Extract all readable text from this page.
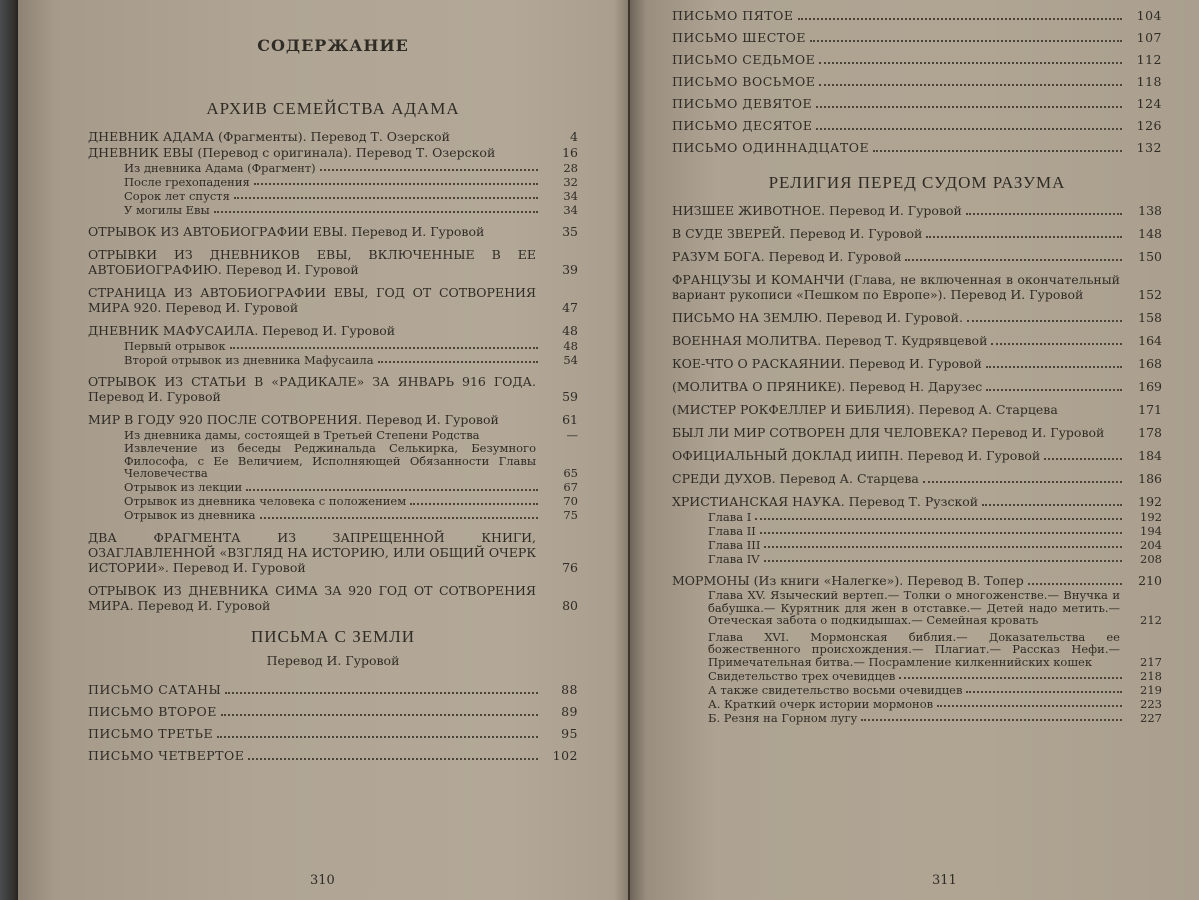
СОДЕРЖАНИЕ
АРХИВ СЕМЕЙСТВА АДАМА
ДНЕВНИК АДАМА (Фрагменты). Перевод Т. Озерской	4
ДНЕВНИК ЕВЫ (Перевод с оригинала). Перевод Т. Озерской	16
Из дневника Адама (Фрагмент)	28
После грехопадения	32
Сорок лет спустя	34
У могилы Евы	34
ОТРЫВОК ИЗ АВТОБИОГРАФИИ ЕВЫ. Перевод И. Гуровой	35
ОТРЫВКИ ИЗ ДНЕВНИКОВ ЕВЫ, ВКЛЮЧЕННЫЕ В ЕЕ АВТОБИОГРАФИЮ. Перевод И. Гуровой	39
СТРАНИЦА ИЗ АВТОБИОГРАФИИ ЕВЫ, ГОД ОТ СОТВОРЕНИЯ МИРА 920. Перевод И. Гуровой	47
ДНЕВНИК МАФУСАИЛА. Перевод И. Гуровой	48
Первый отрывок	48
Второй отрывок из дневника Мафусаила	54
ОТРЫВОК ИЗ СТАТЬИ В «РАДИКАЛЕ» ЗА ЯНВАРЬ 916 ГОДА. Перевод И. Гуровой	59
МИР В ГОДУ 920 ПОСЛЕ СОТВОРЕНИЯ. Перевод И. Гуровой	61
Из дневника дамы, состоящей в Третьей Степени Родства	—
Извлечение из беседы Реджинальда Селькирка, Безумного Философа, с Ее Величием, Исполняющей Обязанности Главы Человечества	65
Отрывок из лекции	67
Отрывок из дневника человека с положением	70
Отрывок из дневника	75
ДВА ФРАГМЕНТА ИЗ ЗАПРЕЩЕННОЙ КНИГИ, ОЗАГЛАВЛЕННОЙ «ВЗГЛЯД НА ИСТОРИЮ, ИЛИ ОБЩИЙ ОЧЕРК ИСТОРИИ». Перевод И. Гуровой	76
ОТРЫВОК ИЗ ДНЕВНИКА СИМА ЗА 920 ГОД ОТ СОТВОРЕНИЯ МИРА. Перевод И. Гуровой	80
ПИСЬМА С ЗЕМЛИ
Перевод И. Гуровой
ПИСЬМО САТАНЫ	88
ПИСЬМО ВТОРОЕ	89
ПИСЬМО ТРЕТЬЕ	95
ПИСЬМО ЧЕТВЕРТОЕ	102
310
ПИСЬМО ПЯТОЕ	104
ПИСЬМО ШЕСТОЕ	107
ПИСЬМО СЕДЬМОЕ	112
ПИСЬМО ВОСЬМОЕ	118
ПИСЬМО ДЕВЯТОЕ	124
ПИСЬМО ДЕСЯТОЕ	126
ПИСЬМО ОДИННАДЦАТОЕ	132
РЕЛИГИЯ ПЕРЕД СУДОМ РАЗУМА
НИЗШЕЕ ЖИВОТНОЕ. Перевод И. Гуровой	138
В СУДЕ ЗВЕРЕЙ. Перевод И. Гуровой	148
РАЗУМ БОГА. Перевод И. Гуровой	150
ФРАНЦУЗЫ И КОМАНЧИ (Глава, не включенная в окончательный вариант рукописи «Пешком по Европе»). Перевод И. Гуровой	152
ПИСЬМО НА ЗЕМЛЮ. Перевод И. Гуровой.	158
ВОЕННАЯ МОЛИТВА. Перевод Т. Кудрявцевой	164
КОЕ-ЧТО О РАСКАЯНИИ. Перевод И. Гуровой	168
(МОЛИТВА О ПРЯНИКЕ). Перевод Н. Дарузес	169
(МИСТЕР РОКФЕЛЛЕР И БИБЛИЯ). Перевод А. Старцева	171
БЫЛ ЛИ МИР СОТВОРЕН ДЛЯ ЧЕЛОВЕКА? Перевод И. Гуровой	178
ОФИЦИАЛЬНЫЙ ДОКЛАД ИИПН. Перевод И. Гуровой	184
СРЕДИ ДУХОВ. Перевод А. Старцева	186
ХРИСТИАНСКАЯ НАУКА. Перевод Т. Рузской	192
Глава I	192
Глава II	194
Глава III	204
Глава IV	208
МОРМОНЫ (Из книги «Налегке»). Перевод В. Топер	210
Глава XV. Языческий вертеп.— Толки о многоженстве.— Внучка и бабушка.— Курятник для жен в отставке.— Детей надо метить.— Отеческая забота о подкидышах.— Семейная кровать	212
Глава XVI. Мормонская библия.— Доказательства ее божественного происхождения.— Плагиат.— Рассказ Нефи.— Примечательная битва.— Посрамление килкеннийских кошек	217
Свидетельство трех очевидцев	218
А также свидетельство восьми очевидцев	219
А. Краткий очерк истории мормонов	223
Б. Резня на Горном лугу	227
311
